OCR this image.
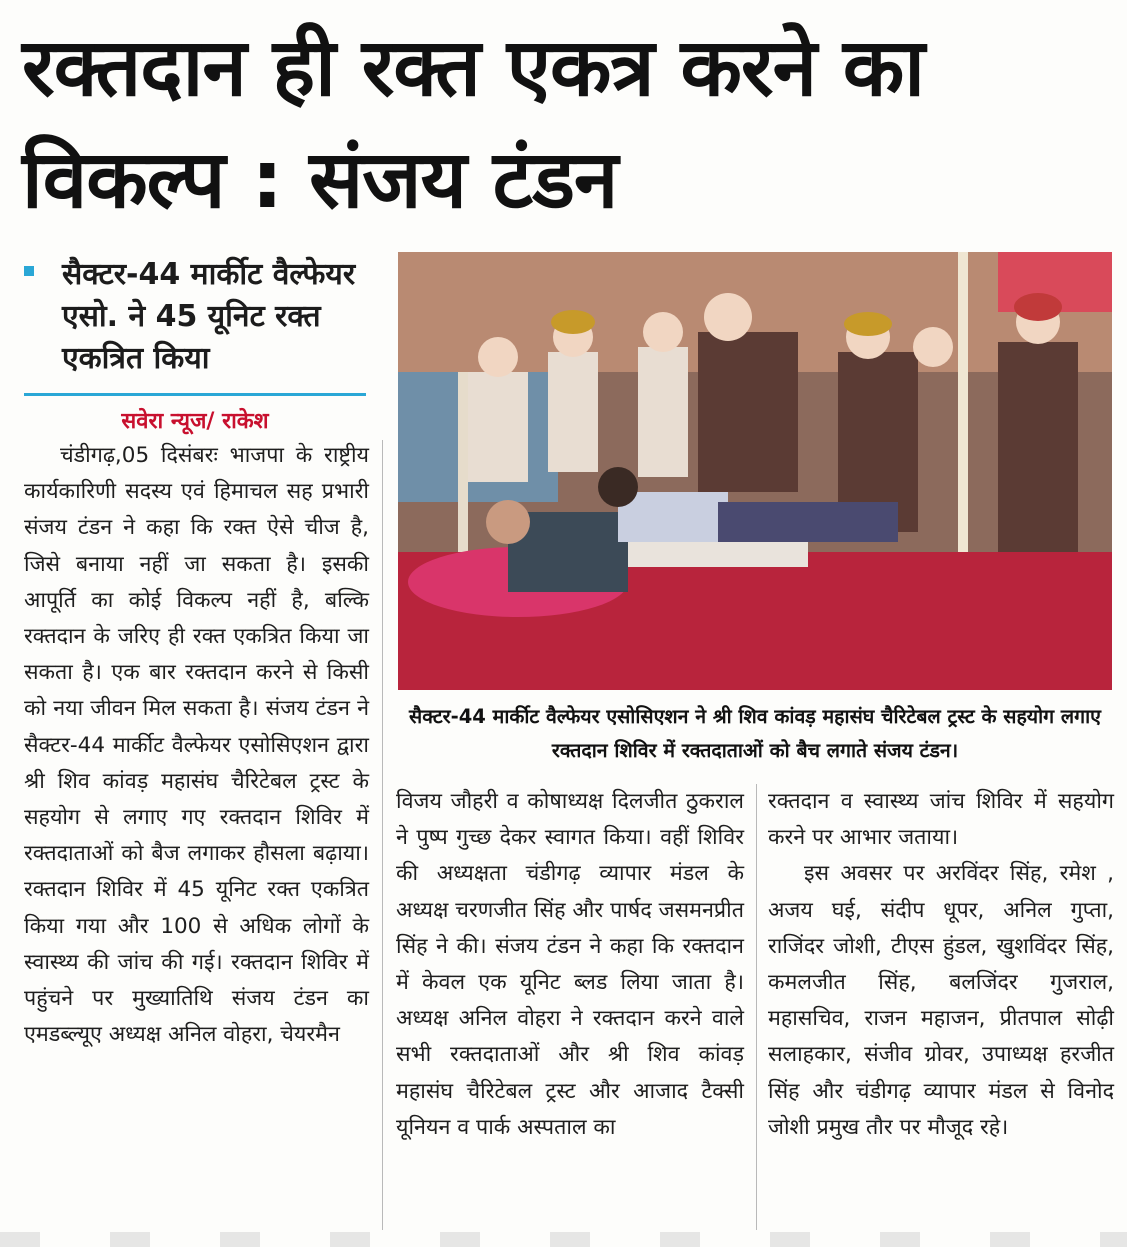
रक्तदान ही रक्त एकत्र करने का विकल्प : संजय टंडन
सैक्टर-44 मार्कीट वैल्फेयर एसो. ने 45 यूनिट रक्त एकत्रित किया
सवेरा न्यूज/ राकेश

चंडीगढ़,05 दिसंबरः भाजपा के राष्ट्रीय कार्यकारिणी सदस्य एवं हिमाचल सह प्रभारी संजय टंडन ने कहा कि रक्त ऐसे चीज है, जिसे बनाया नहीं जा सकता है। इसकी आपूर्ति का कोई विकल्प नहीं है, बल्कि रक्तदान के जरिए ही रक्त एकत्रित किया जा सकता है। एक बार रक्तदान करने से किसी को नया जीवन मिल सकता है। संजय टंडन ने सैक्टर-44 मार्कीट वैल्फेयर एसोसिएशन द्वारा श्री शिव कांवड़ महासंघ चैरिटेबल ट्रस्ट के सहयोग से लगाए गए रक्तदान शिविर में रक्तदाताओं को बैज लगाकर हौसला बढ़ाया। रक्तदान शिविर में 45 यूनिट रक्त एकत्रित किया गया और 100 से अधिक लोगों के स्वास्थ्य की जांच की गई। रक्तदान शिविर में पहुंचने पर मुख्यातिथि संजय टंडन का एमडब्ल्यूए अध्यक्ष अनिल वोहरा, चेयरमैन

सैक्टर-44 मार्कीट वैल्फेयर एसोसिएशन ने श्री शिव कांवड़ महासंघ चैरिटेबल ट्रस्ट के सहयोग लगाए रक्तदान शिविर में रक्तदाताओं को बैच लगाते संजय टंडन।

विजय जौहरी व कोषाध्यक्ष दिलजीत ठुकराल ने पुष्प गुच्छ देकर स्वागत किया। वहीं शिविर की अध्यक्षता चंडीगढ़ व्यापार मंडल के अध्यक्ष चरणजीत सिंह और पार्षद जसमनप्रीत सिंह ने की। संजय टंडन ने कहा कि रक्तदान में केवल एक यूनिट ब्लड लिया जाता है। अध्यक्ष अनिल वोहरा ने रक्तदान करने वाले सभी रक्तदाताओं और श्री शिव कांवड़ महासंघ चैरिटेबल ट्रस्ट और आजाद टैक्सी यूनियन व पार्क अस्पताल का

रक्तदान व स्वास्थ्य जांच शिविर में सहयोग करने पर आभार जताया।

इस अवसर पर अरविंदर सिंह, रमेश , अजय घई, संदीप धूपर, अनिल गुप्ता, राजिंदर जोशी, टीएस हुंडल, खुशविंदर सिंह, कमलजीत सिंह, बलजिंदर गुजराल, महासचिव, राजन महाजन, प्रीतपाल सोढ़ी सलाहकार, संजीव ग्रोवर, उपाध्यक्ष हरजीत सिंह और चंडीगढ़ व्यापार मंडल से विनोद जोशी प्रमुख तौर पर मौजूद रहे।
